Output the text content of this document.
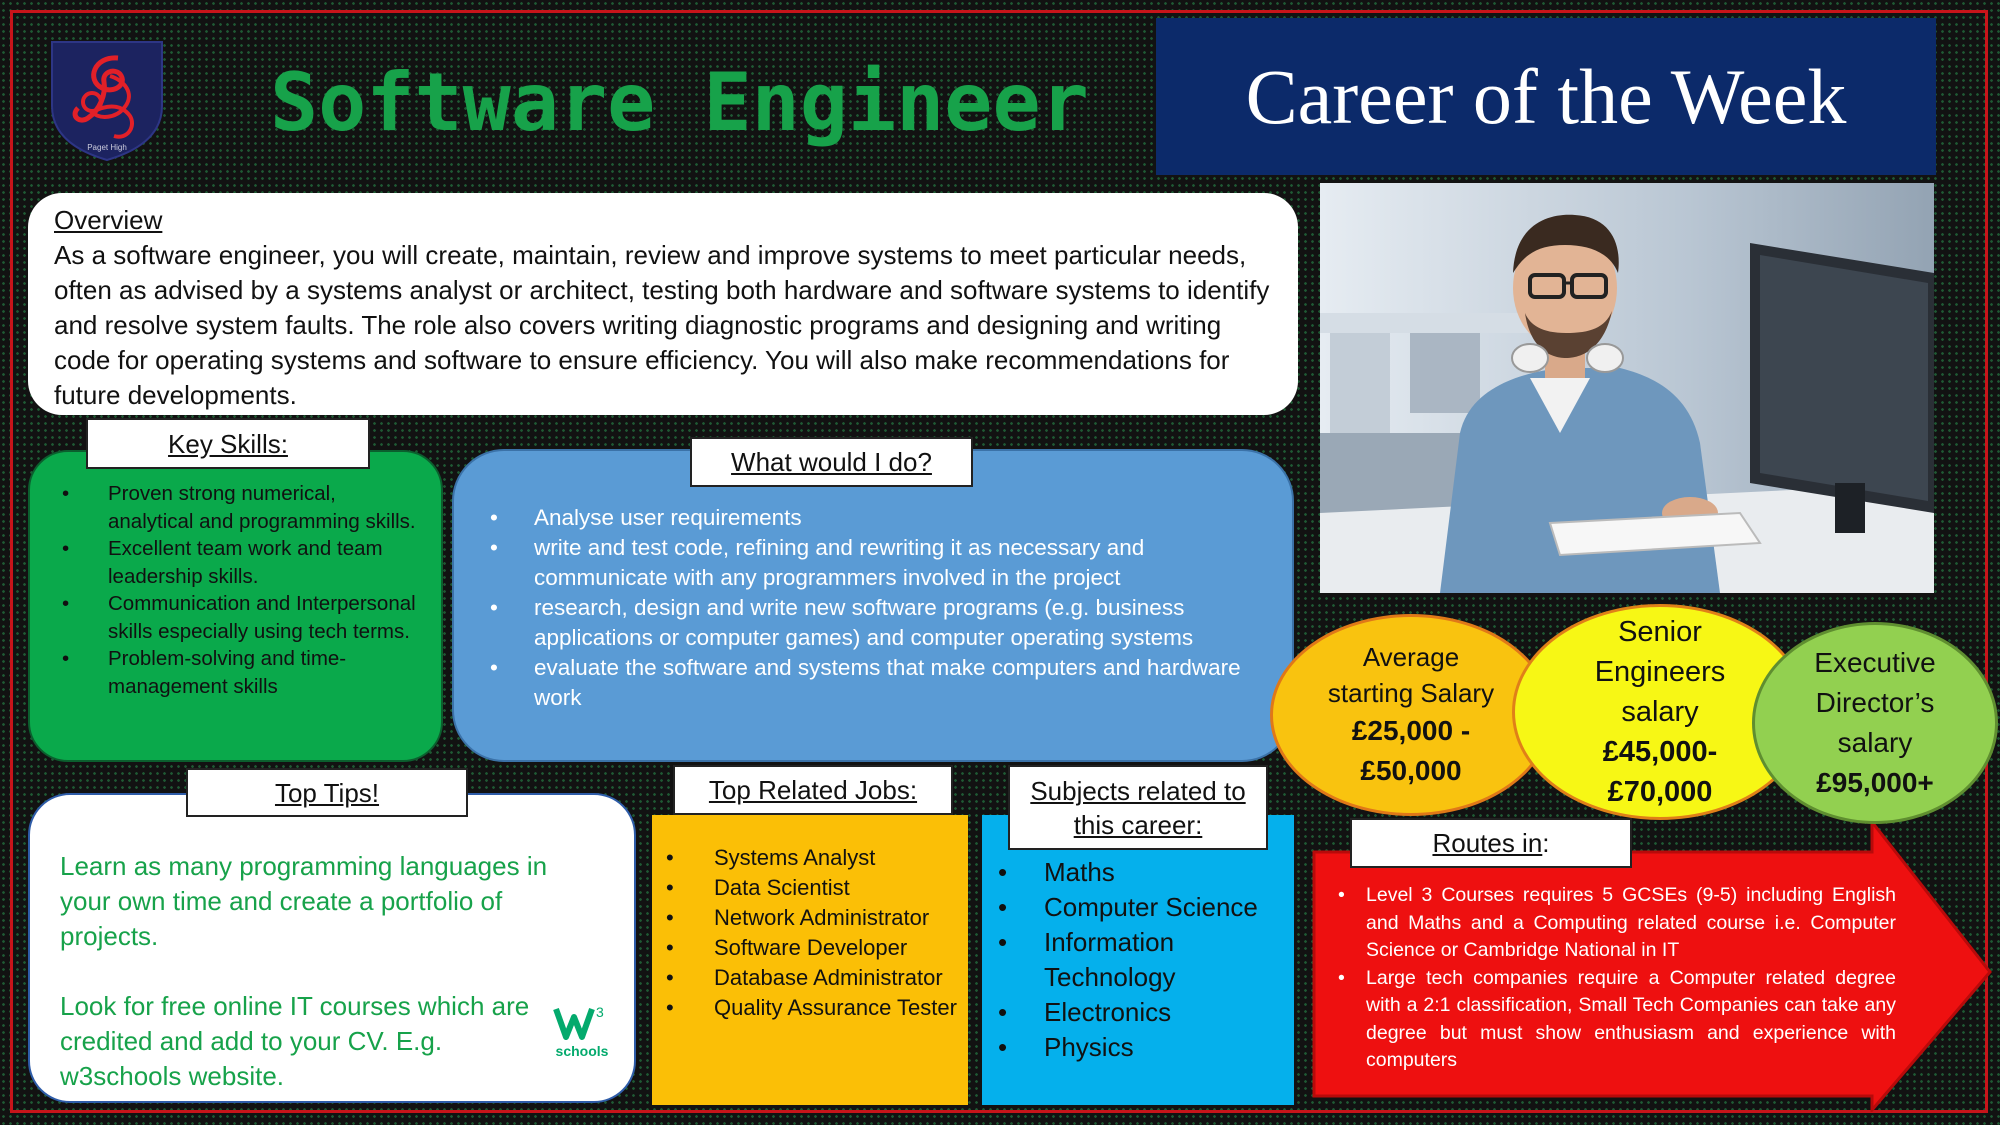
Paget High	Software Engineer	Career of the Week
Overview
As a software engineer, you will create, maintain, review and improve systems to meet particular needs, often as advised by a systems analyst or architect, testing both hardware and software systems to identify and resolve system faults. The role also covers writing diagnostic programs and designing and writing code for operating systems and software to ensure efficiency. You will also make recommendations for future developments.
• Proven strong numerical, analytical and programming skills.
• Excellent team work and team leadership skills.
• Communication and Interpersonal skills especially using tech terms.
• Problem-solving and time-management skills
Key Skills:
• Analyse user requirements
• write and test code, refining and rewriting it as necessary and communicate with any programmers involved in the project
• research, design and write new software programs (e.g. business applications or computer games) and computer operating systems
• evaluate the software and systems that make computers and hardware work
What would I do?

Learn as many programming languages in your own time and create a portfolio of projects.

Look for free online IT courses which are credited and add to your CV. E.g. w3schools website.

Top Tips!
3
schools
• Systems Analyst
• Data Scientist
• Network Administrator
• Software Developer
• Database Administrator
• Quality Assurance Tester
Top Related Jobs:
• Maths
• Computer Science
• Information Technology
• Electronics
• Physics
Subjects related to this career:
Routes in :
• Level 3 Courses requires 5 GCSEs (9-5) including English and Maths and a Computing related course i.e. Computer Science or Cambridge National in IT
• Large tech companies require a Computer related degree with a 2:1 classification, Small Tech Companies can take any degree but must show enthusiasm and experience with computers
Average starting Salary
£25,000 - £50,000
Senior Engineers salary
£45,000- £70,000
Executive Director’s salary
£95,000+
